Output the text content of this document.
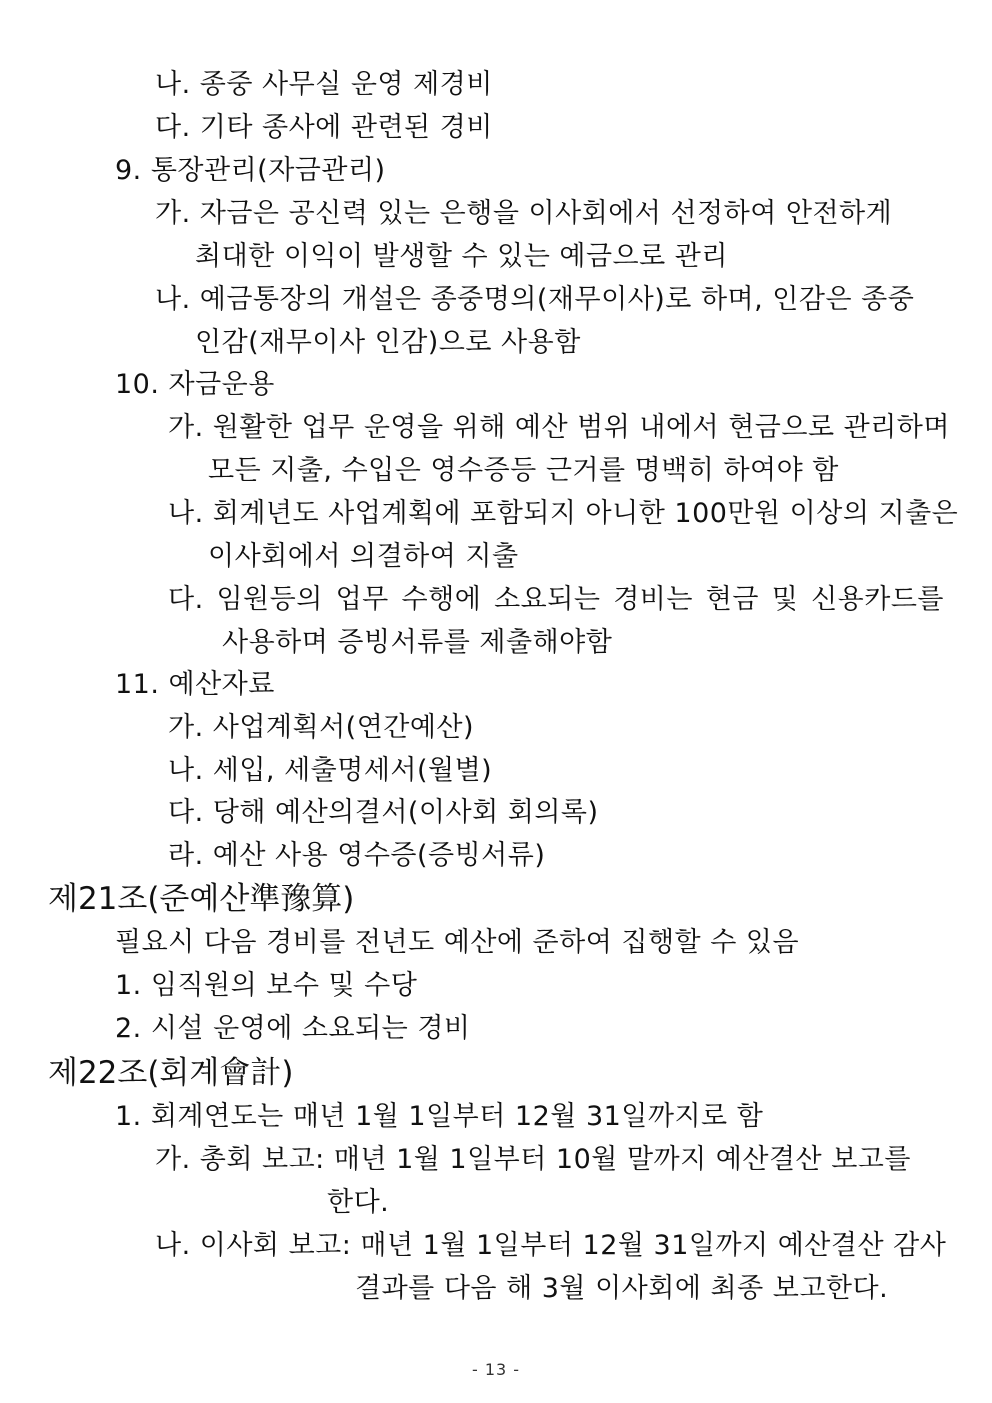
나. 종중 사무실 운영 제경비
다. 기타 종사에 관련된 경비
9. 통장관리(자금관리)
가. 자금은 공신력 있는 은행을 이사회에서 선정하여 안전하게
최대한 이익이 발생할 수 있는 예금으로 관리
나. 예금통장의 개설은 종중명의(재무이사)로 하며, 인감은 종중
인감(재무이사 인감)으로 사용함
10. 자금운용
가. 원활한 업무 운영을 위해 예산 범위 내에서 현금으로 관리하며
모든 지출, 수입은 영수증등 근거를 명백히 하여야 함
나. 회계년도 사업계획에 포함되지 아니한 100만원 이상의 지출은
이사회에서 의결하여 지출
다. 임원등의 업무 수행에 소요되는 경비는 현금 및 신용카드를
사용하며 증빙서류를 제출해야함
11. 예산자료
가. 사업계획서(연간예산)
나. 세입, 세출명세서(월별)
다. 당해 예산의결서(이사회 회의록)
라. 예산 사용 영수증(증빙서류)
제21조(준예산準豫算)
필요시 다음 경비를 전년도 예산에 준하여 집행할 수 있음
1. 임직원의 보수 및 수당
2. 시설 운영에 소요되는 경비
제22조(회계會計)
1. 회계연도는 매년 1월 1일부터 12월 31일까지로 함
가. 총회 보고: 매년 1월 1일부터 10월 말까지 예산결산 보고를
한다.
나. 이사회 보고: 매년 1월 1일부터 12월 31일까지 예산결산 감사
결과를 다음 해 3월 이사회에 최종 보고한다.
- 13 -
